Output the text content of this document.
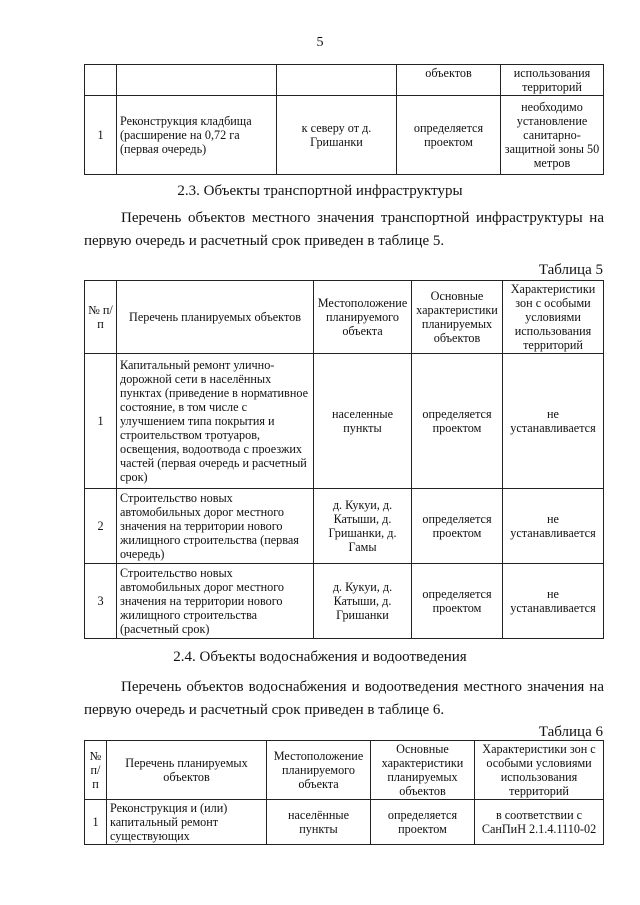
5
			объектов	использования территорий
1	Реконструкция кладбища (расширение на 0,72 га (первая очередь)	к северу от д. Гришанки	определяется проектом	необходимо установление санитарно-защитной зоны 50 метров
2.3. Объекты транспортной инфраструктуры
Перечень объектов местного значения транспортной инфраструктуры на первую очередь и расчетный срок приведен в таблице 5.
Таблица 5
№ п/п	Перечень планируемых объектов	Местоположение планируемого объекта	Основные характеристики планируемых объектов	Характеристики зон с особыми условиями использования территорий
1	Капитальный ремонт улично-дорожной сети в населённых пунктах (приведение в нормативное состояние, в том числе с улучшением типа покрытия и строительством тротуаров, освещения, водоотвода с проезжих частей (первая очередь и расчетный срок)	населенные пункты	определяется проектом	не устанавливается
2	Строительство новых автомобильных дорог местного значения на территории нового жилищного строительства (первая очередь)	д. Кукуи, д. Катыши, д. Гришанки, д. Гамы	определяется проектом	не устанавливается
3	Строительство новых автомобильных дорог местного значения на территории нового жилищного строительства (расчетный срок)	д. Кукуи, д. Катыши, д. Гришанки	определяется проектом	не устанавливается
2.4. Объекты водоснабжения и водоотведения
Перечень объектов водоснабжения и водоотведения местного значения на первую очередь и расчетный срок приведен в таблице 6.
Таблица 6
№ п/п	Перечень планируемых объектов	Местоположение планируемого объекта	Основные характеристики планируемых объектов	Характеристики зон с особыми условиями использования территорий
1	Реконструкция и (или) капитальный ремонт существующих	населённые пункты	определяется проектом	в соответствии с СанПиН 2.1.4.1110-02
